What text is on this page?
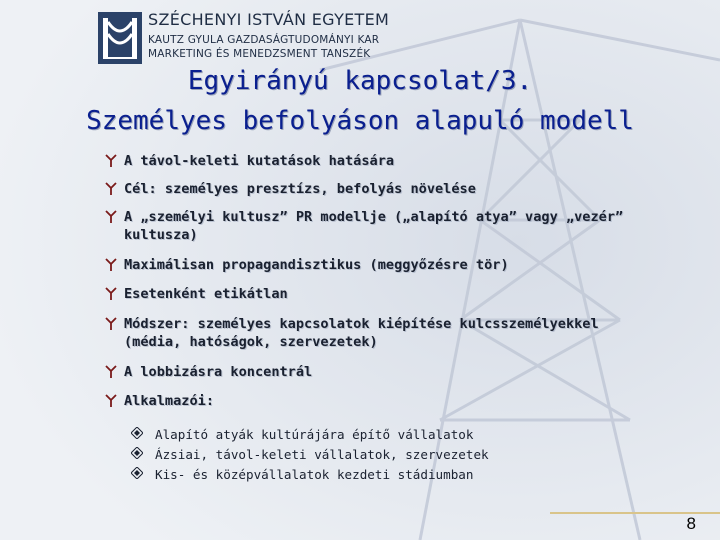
SZÉCHENYI ISTVÁN EGYETEM
KAUTZ GYULA GAZDASÁGTUDOMÁNYI KAR
MARKETING ÉS MENEDZSMENT TANSZÉK
Egyirányú kapcsolat/3.
Személyes befolyáson alapuló modell
A távol-keleti kutatások hatására
Cél: személyes presztízs, befolyás növelése
A „személyi kultusz” PR modellje („alapító atya” vagy „vezér”
kultusza)
Maximálisan propagandisztikus (meggyőzésre tör)
Esetenként etikátlan
Módszer: személyes kapcsolatok kiépítése kulcsszemélyekkel
(média, hatóságok, szervezetek)
A lobbizásra koncentrál
Alkalmazói:
Alapító atyák kultúrájára építő vállalatok
Ázsiai, távol-keleti vállalatok, szervezetek
Kis- és középvállalatok kezdeti stádiumban
8
